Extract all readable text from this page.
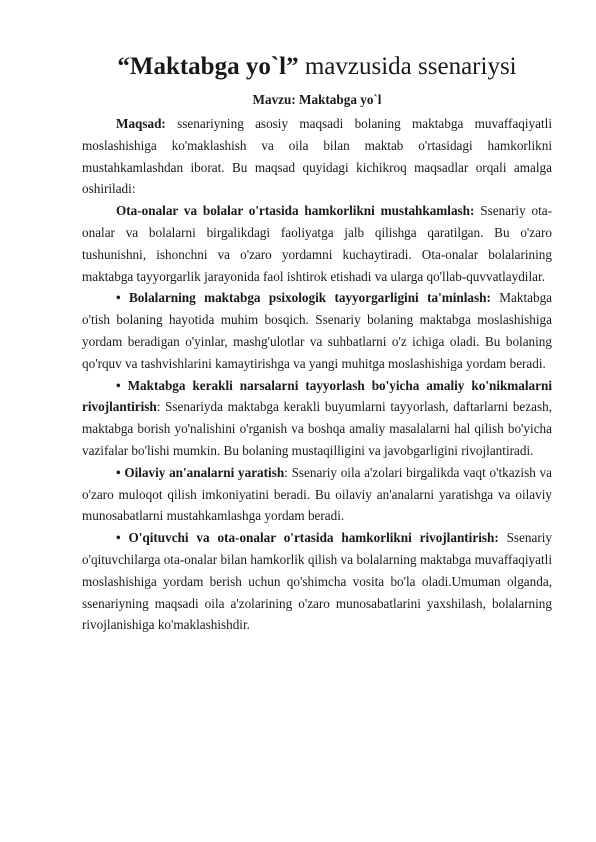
“Maktabga yo`l” mavzusida ssenariysi

Mavzu: Maktabga yo`l

Maqsad: ssenariyning asosiy maqsadi bolaning maktabga muvaffaqiyatli moslashishiga ko'maklashish va oila bilan maktab o'rtasidagi hamkorlikni mustahkamlashdan iborat. Bu maqsad quyidagi kichikroq maqsadlar orqali amalga oshiriladi:

Ota-onalar va bolalar o'rtasida hamkorlikni mustahkamlash: Ssenariy ota-onalar va bolalarni birgalikdagi faoliyatga jalb qilishga qaratilgan. Bu o'zaro tushunishni, ishonchni va o'zaro yordamni kuchaytiradi. Ota-onalar bolalarining maktabga tayyorgarlik jarayonida faol ishtirok etishadi va ularga qo'llab-quvvatlaydilar.

• Bolalarning maktabga psixologik tayyorgarligini ta'minlash: Maktabga o'tish bolaning hayotida muhim bosqich. Ssenariy bolaning maktabga moslashishiga yordam beradigan o'yinlar, mashg'ulotlar va suhbatlarni o'z ichiga oladi. Bu bolaning qo'rquv va tashvishlarini kamaytirishga va yangi muhitga moslashishiga yordam beradi.

• Maktabga kerakli narsalarni tayyorlash bo'yicha amaliy ko'nikmalarni rivojlantirish: Ssenariyda maktabga kerakli buyumlarni tayyorlash, daftarlarni bezash, maktabga borish yo'nalishini o'rganish va boshqa amaliy masalalarni hal qilish bo'yicha vazifalar bo'lishi mumkin. Bu bolaning mustaqilligini va javobgarligini rivojlantiradi.

• Oilaviy an'analarni yaratish: Ssenariy oila a'zolari birgalikda vaqt o'tkazish va o'zaro muloqot qilish imkoniyatini beradi. Bu oilaviy an'analarni yaratishga va oilaviy munosabatlarni mustahkamlashga yordam beradi.

• O'qituvchi va ota-onalar o'rtasida hamkorlikni rivojlantirish: Ssenariy o'qituvchilarga ota-onalar bilan hamkorlik qilish va bolalarning maktabga muvaffaqiyatli moslashishiga yordam berish uchun qo'shimcha vosita bo'la oladi.Umuman olganda, ssenariyning maqsadi oila a'zolarining o'zaro munosabatlarini yaxshilash, bolalarning rivojlanishiga ko'maklashishdir.
